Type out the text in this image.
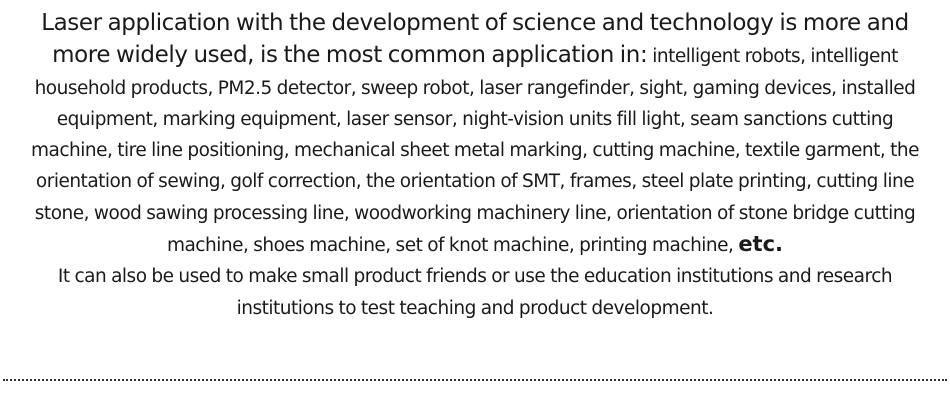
Laser application with the development of science and technology is more and more widely used, is the most common application in: intelligent robots, intelligent household products, PM2.5 detector, sweep robot, laser rangefinder, sight, gaming devices, installed equipment, marking equipment, laser sensor, night-vision units fill light, seam sanctions cutting machine, tire line positioning, mechanical sheet metal marking, cutting machine, textile garment, the orientation of sewing, golf correction, the orientation of SMT, frames, steel plate printing, cutting line stone, wood sawing processing line, woodworking machinery line, orientation of stone bridge cutting machine, shoes machine, set of knot machine, printing machine, etc.

It can also be used to make small product friends or use the education institutions and research institutions to test teaching and product development.
